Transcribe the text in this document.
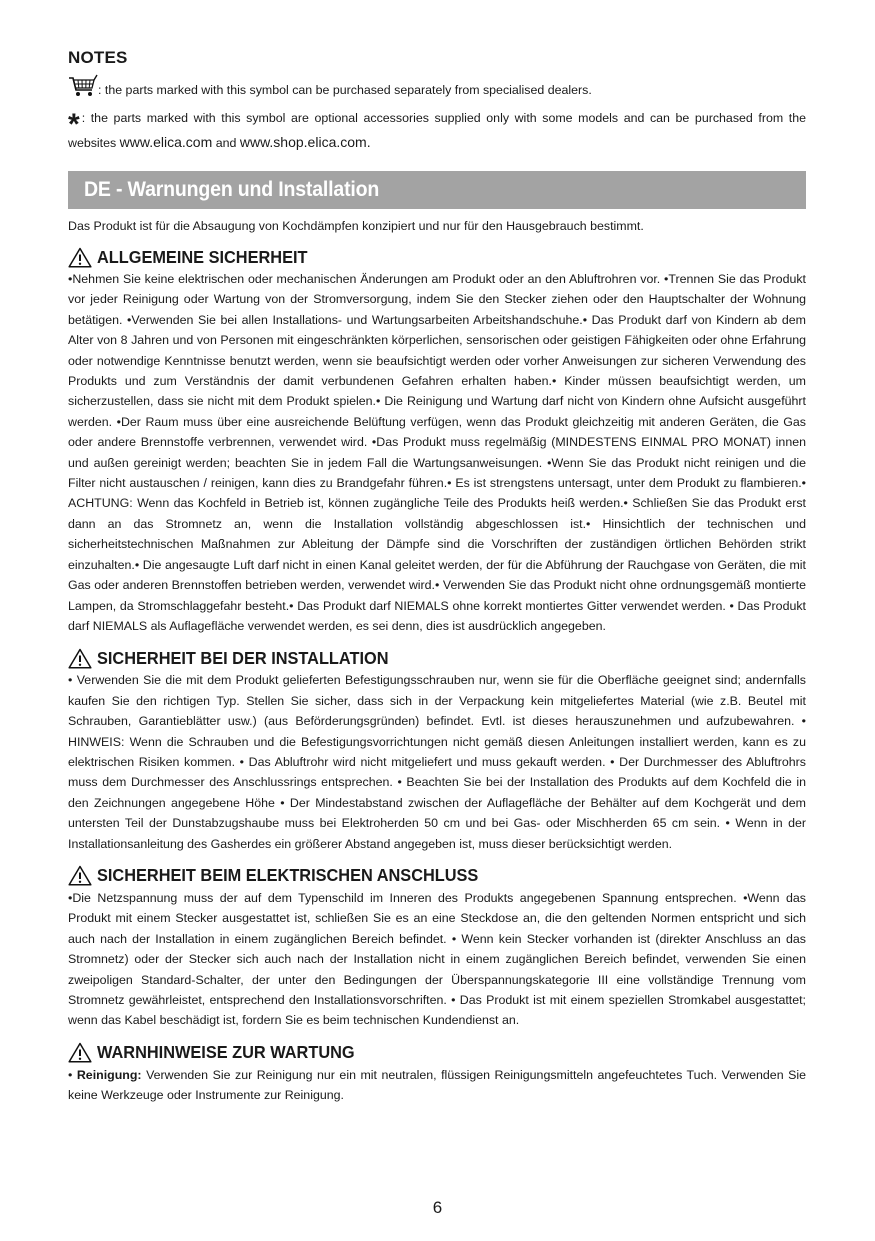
NOTES
: the parts marked with this symbol can be purchased separately from specialised dealers.
* : the parts marked with this symbol are optional accessories supplied only with some models and can be purchased from the websites www.elica.com and www.shop.elica.com.
DE - Warnungen und Installation
Das Produkt ist für die Absaugung von Kochdämpfen konzipiert und nur für den Hausgebrauch bestimmt.
ALLGEMEINE SICHERHEIT

•Nehmen Sie keine elektrischen oder mechanischen Änderungen am Produkt oder an den Abluftrohren vor. •Trennen Sie das Produkt vor jeder Reinigung oder Wartung von der Stromversorgung, indem Sie den Stecker ziehen oder den Hauptschalter der Wohnung betätigen. •Verwenden Sie bei allen Installations- und Wartungsarbeiten Arbeitshandschuhe.• Das Produkt darf von Kindern ab dem Alter von 8 Jahren und von Personen mit eingeschränkten körperlichen, sensorischen oder geistigen Fähigkeiten oder ohne Erfahrung oder notwendige Kenntnisse benutzt werden, wenn sie beaufsichtigt werden oder vorher Anweisungen zur sicheren Verwendung des Produkts und zum Verständnis der damit verbundenen Gefahren erhalten haben.• Kinder müssen beaufsichtigt werden, um sicherzustellen, dass sie nicht mit dem Produkt spielen.• Die Reinigung und Wartung darf nicht von Kindern ohne Aufsicht ausgeführt werden. •Der Raum muss über eine ausreichende Belüftung verfügen, wenn das Produkt gleichzeitig mit anderen Geräten, die Gas oder andere Brennstoffe verbrennen, verwendet wird. •Das Produkt muss regelmäßig (MINDESTENS EINMAL PRO MONAT) innen und außen gereinigt werden; beachten Sie in jedem Fall die Wartungsanweisungen. •Wenn Sie das Produkt nicht reinigen und die Filter nicht austauschen / reinigen, kann dies zu Brandgefahr führen.• Es ist strengstens untersagt, unter dem Produkt zu flambieren.• ACHTUNG: Wenn das Kochfeld in Betrieb ist, können zugängliche Teile des Produkts heiß werden.• Schließen Sie das Produkt erst dann an das Stromnetz an, wenn die Installation vollständig abgeschlossen ist.• Hinsichtlich der technischen und sicherheitstechnischen Maßnahmen zur Ableitung der Dämpfe sind die Vorschriften der zuständigen örtlichen Behörden strikt einzuhalten.• Die angesaugte Luft darf nicht in einen Kanal geleitet werden, der für die Abführung der Rauchgase von Geräten, die mit Gas oder anderen Brennstoffen betrieben werden, verwendet wird.• Verwenden Sie das Produkt nicht ohne ordnungsgemäß montierte Lampen, da Stromschlaggefahr besteht.• Das Produkt darf NIEMALS ohne korrekt montiertes Gitter verwendet werden. • Das Produkt darf NIEMALS als Auflagefläche verwendet werden, es sei denn, dies ist ausdrücklich angegeben.

SICHERHEIT BEI DER INSTALLATION

• Verwenden Sie die mit dem Produkt gelieferten Befestigungsschrauben nur, wenn sie für die Oberfläche geeignet sind; andernfalls kaufen Sie den richtigen Typ. Stellen Sie sicher, dass sich in der Verpackung kein mitgeliefertes Material (wie z.B. Beutel mit Schrauben, Garantieblätter usw.) (aus Beförderungsgründen) befindet. Evtl. ist dieses herauszunehmen und aufzubewahren. • HINWEIS: Wenn die Schrauben und die Befestigungsvorrichtungen nicht gemäß diesen Anleitungen installiert werden, kann es zu elektrischen Risiken kommen. • Das Abluftrohr wird nicht mitgeliefert und muss gekauft werden. • Der Durchmesser des Abluftrohrs muss dem Durchmesser des Anschlussrings entsprechen. • Beachten Sie bei der Installation des Produkts auf dem Kochfeld die in den Zeichnungen angegebene Höhe • Der Mindestabstand zwischen der Auflagefläche der Behälter auf dem Kochgerät und dem untersten Teil der Dunstabzugshaube muss bei Elektroherden 50 cm und bei Gas- oder Mischherden 65 cm sein. • Wenn in der Installationsanleitung des Gasherdes ein größerer Abstand angegeben ist, muss dieser berücksichtigt werden.

SICHERHEIT BEIM ELEKTRISCHEN ANSCHLUSS

•Die Netzspannung muss der auf dem Typenschild im Inneren des Produkts angegebenen Spannung entsprechen. •Wenn das Produkt mit einem Stecker ausgestattet ist, schließen Sie es an eine Steckdose an, die den geltenden Normen entspricht und sich auch nach der Installation in einem zugänglichen Bereich befindet. • Wenn kein Stecker vorhanden ist (direkter Anschluss an das Stromnetz) oder der Stecker sich auch nach der Installation nicht in einem zugänglichen Bereich befindet, verwenden Sie einen zweipoligen Standard-Schalter, der unter den Bedingungen der Überspannungskategorie III eine vollständige Trennung vom Stromnetz gewährleistet, entsprechend den Installationsvorschriften. • Das Produkt ist mit einem speziellen Stromkabel ausgestattet; wenn das Kabel beschädigt ist, fordern Sie es beim technischen Kundendienst an.

WARNHINWEISE ZUR WARTUNG

• Reinigung: Verwenden Sie zur Reinigung nur ein mit neutralen, flüssigen Reinigungsmitteln angefeuchtetes Tuch. Verwenden Sie keine Werkzeuge oder Instrumente zur Reinigung.

6
